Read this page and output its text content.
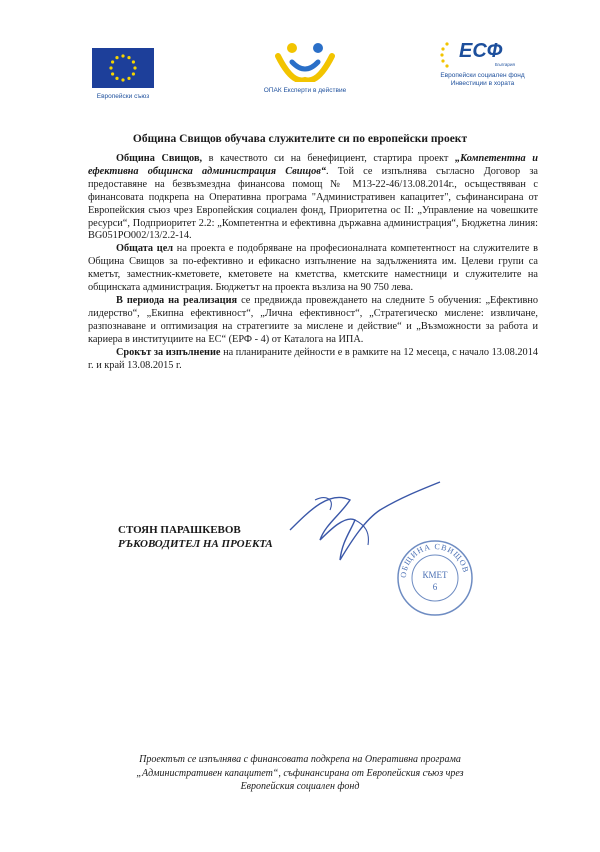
Европейски съюз
ОПАК Експерти в действие
ЕСФ
България
Европейски социален фонд
Инвестиции в хората
Община Свищов обучава служителите си по европейски проект

Община Свищов, в качеството си на бенефициент, стартира проект „Компетентна и ефективна общинска администрация Свищов“. Той се изпълнява съгласно Договор за предоставяне на безвъзмездна финансова помощ № М13-22-46/13.08.2014г., осъществяван с финансовата подкрепа на Оперативна програма "Административен капацитет", съфинансирана от Европейския съюз чрез Европейския социален фонд, Приоритетна ос II: „Управление на човешките ресурси“, Подприоритет 2.2: „Компетентна и ефективна държавна администрация“, Бюджетна линия: BG051PO002/13/2.2-14.

Общата цел на проекта е подобряване на професионалната компетентност на служителите в Община Свищов за по-ефективно и ефикасно изпълнение на задълженията им. Целеви групи са кметът, заместник-кметовете, кметовете на кметства, кметските наместници и служителите на общинската администрация. Бюджетът на проекта възлиза на 90 750 лева.

В периода на реализация се предвижда провеждането на следните 5 обучения: „Ефективно лидерство“, „Екипна ефективност“, „Лична ефективност“, „Стратегическо мислене: извличане, разпознаване и оптимизация на стратегиите за мислене и действие“ и „Възможности за работа и кариера в институциите на ЕС“ (ЕРФ - 4) от Каталога на ИПА.

Срокът за изпълнение на планираните дейности е в рамките на 12 месеца, с начало 13.08.2014 г. и край 13.08.2015 г.

ОБЩИНА СВИЩОВ
КМЕТ
6
СТОЯН ПАРАШКЕВОВ
РЪКОВОДИТЕЛ НА ПРОЕКТА
Проектът се изпълнява с финансовата подкрепа на Оперативна програма
„Административен капацитет“, съфинансирана от Европейския съюз чрез
Европейския социален фонд
